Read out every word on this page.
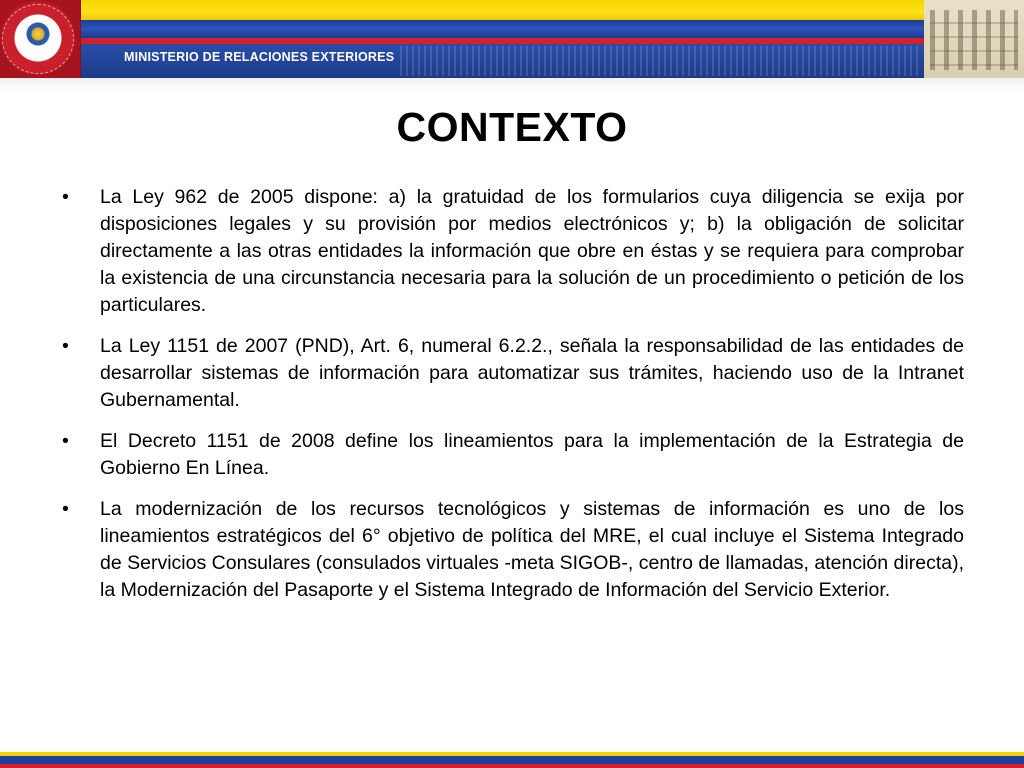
MINISTERIO DE RELACIONES EXTERIORES
CONTEXTO
• La Ley 962 de 2005 dispone: a) la gratuidad de los formularios cuya diligencia se exija por disposiciones legales y su provisión por medios electrónicos y; b) la obligación de solicitar directamente a las otras entidades la información que obre en éstas y se requiera para comprobar la existencia de una circunstancia necesaria para la solución de un procedimiento o petición de los particulares.
• La Ley 1151 de 2007 (PND), Art. 6, numeral 6.2.2., señala la responsabilidad de las entidades de desarrollar sistemas de información para automatizar sus trámites, haciendo uso de la Intranet Gubernamental.
• El Decreto 1151 de 2008 define los lineamientos para la implementación de la Estrategia de Gobierno En Línea.
• La modernización de los recursos tecnológicos y sistemas de información es uno de los lineamientos estratégicos del 6° objetivo de política del MRE, el cual incluye el Sistema Integrado de Servicios Consulares (consulados virtuales -meta SIGOB-, centro de llamadas, atención directa), la Modernización del Pasaporte y el Sistema Integrado de Información del Servicio Exterior.
